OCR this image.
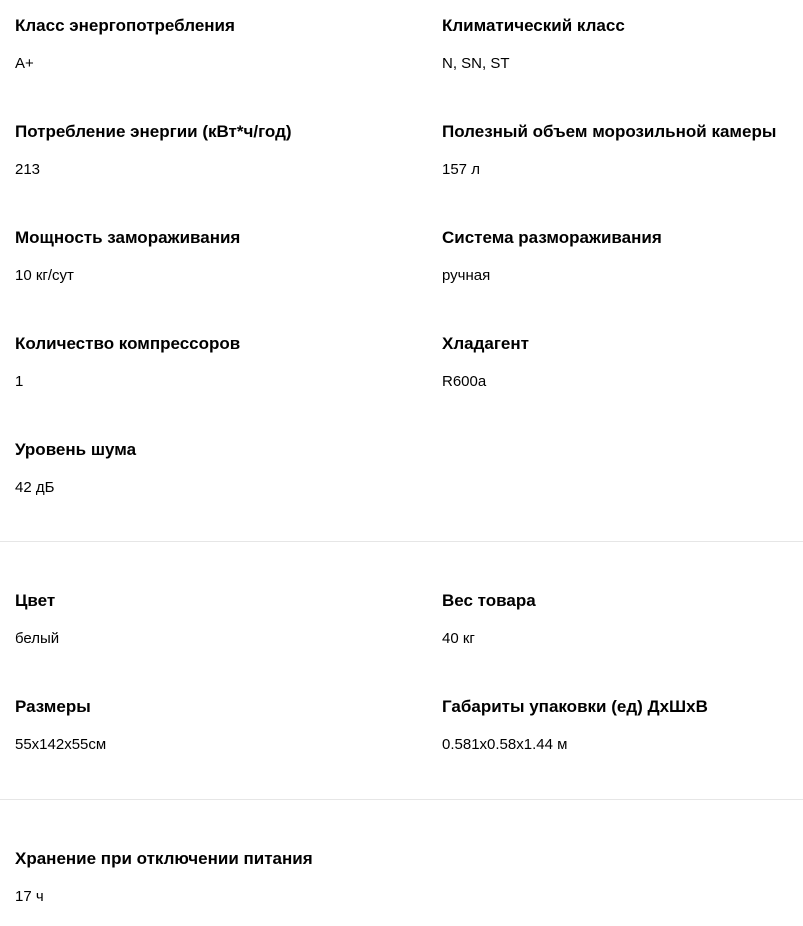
Класс энергопотребления
A+
Климатический класс
N, SN, ST
Потребление энергии (кВт*ч/год)
213
Полезный объем морозильной камеры
157 л
Мощность замораживания
10 кг/сут
Система размораживания
ручная
Количество компрессоров
1
Хладагент
R600a
Уровень шума
42 дБ
Цвет
белый
Вес товара
40 кг
Размеры
55x142x55см
Габариты упаковки (ед) ДхШхВ
0.581x0.58x1.44 м
Хранение при отключении питания
17 ч
